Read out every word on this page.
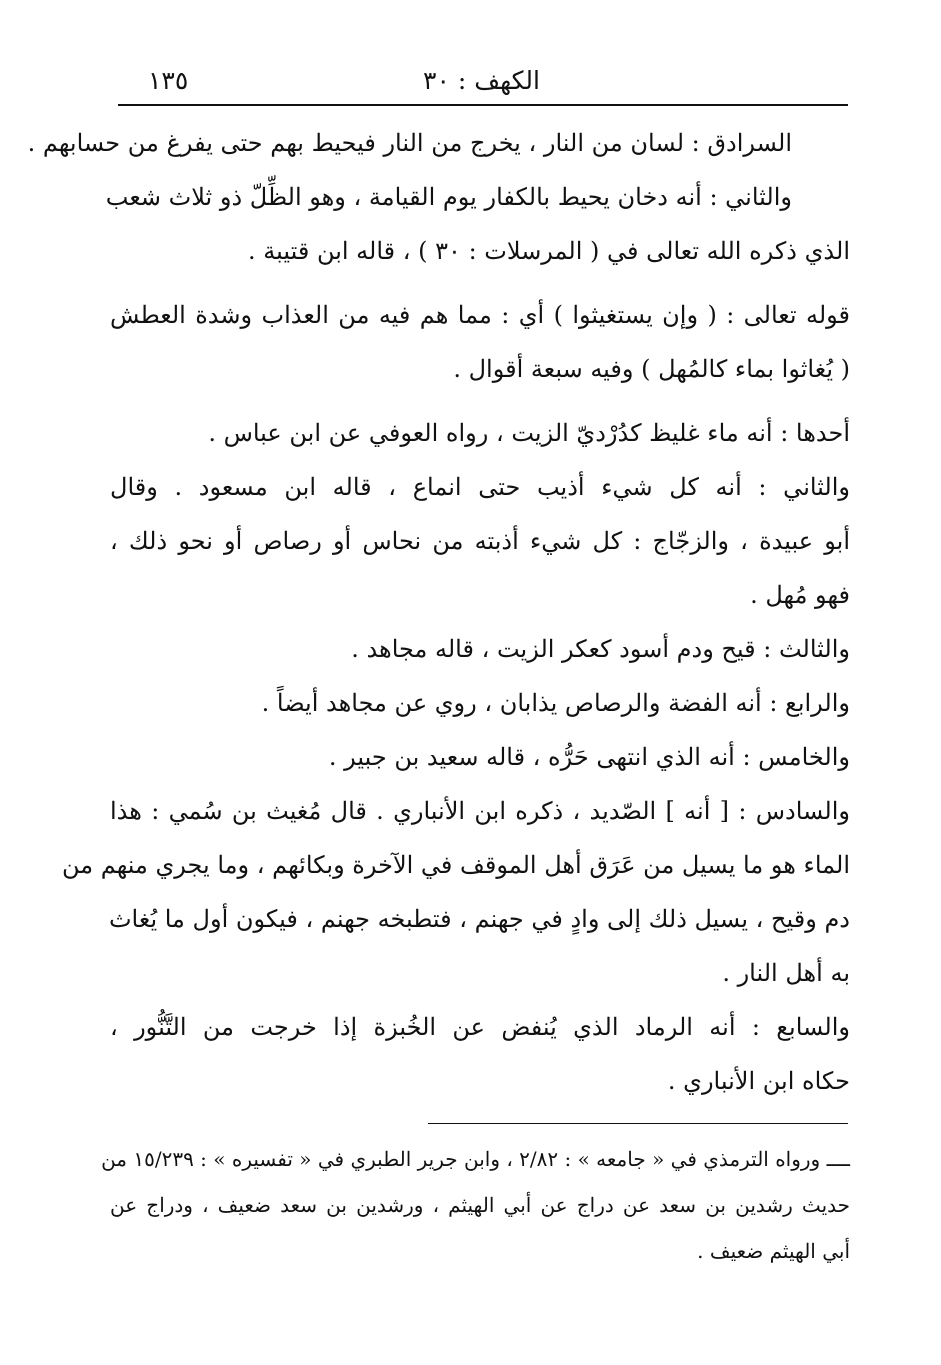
الكهف : ٣٠
١٣٥
السرادق : لسان من النار ، يخرج من النار فيحيط بهم حتى يفرغ من حسابهم .
والثاني : أنه دخان يحيط بالكفار يوم القيامة ، وهو الظِّلّ ذو ثلاث شعب
الذي ذكره الله تعالى في ( المرسلات : ٣٠ ) ، قاله ابن قتيبة .
قوله تعالى : ( وإن يستغيثوا ) أي : مما هم فيه من العذاب وشدة العطش
( يُغاثوا بماء كالمُهل ) وفيه سبعة أقوال .
أحدها : أنه ماء غليظ كدُرْديّ الزيت ، رواه العوفي عن ابن عباس .
والثاني : أنه كل شيء أذيب حتى انماع ، قاله ابن مسعود . وقال
أبو عبيدة ، والزجّاج : كل شيء أذبته من نحاس أو رصاص أو نحو ذلك ،
فهو مُهل .
والثالث : قيح ودم أسود كعكر الزيت ، قاله مجاهد .
والرابع : أنه الفضة والرصاص يذابان ، روي عن مجاهد أيضاً .
والخامس : أنه الذي انتهى حَرُّه ، قاله سعيد بن جبير .
والسادس : [ أنه ] الصّديد ، ذكره ابن الأنباري . قال مُغيث بن سُمي : هذا
الماء هو ما يسيل من عَرَق أهل الموقف في الآخرة وبكائهم ، وما يجري منهم من
دم وقيح ، يسيل ذلك إلى وادٍ في جهنم ، فتطبخه جهنم ، فيكون أول ما يُغاث
به أهل النار .
والسابع : أنه الرماد الذي يُنفض عن الخُبزة إذا خرجت من التَّنُّور ،
حكاه ابن الأنباري .
ــــ ورواه الترمذي في « جامعه » : ٢/٨٢ ، وابن جرير الطبري في « تفسيره » : ١٥/٢٣٩ من
حديث رشدين بن سعد عن دراج عن أبي الهيثم ، ورشدين بن سعد ضعيف ، ودراج عن
أبي الهيثم ضعيف .
